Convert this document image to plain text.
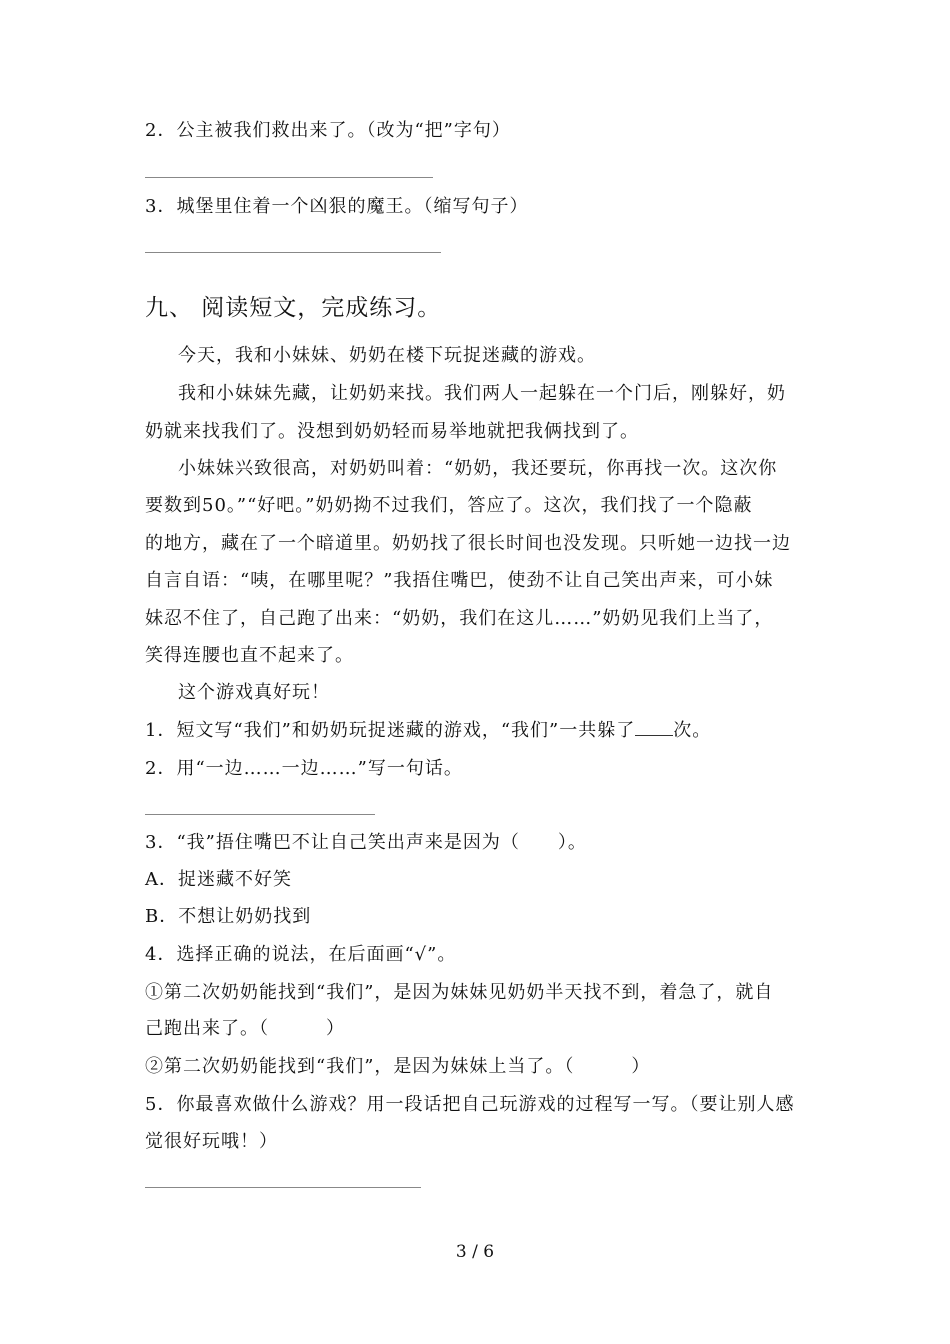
2．公主被我们救出来了。（改为“把”字句）
3．城堡里住着一个凶狠的魔王。（缩写句子）
九、 阅读短文，完成练习。
今天，我和小妹妹、奶奶在楼下玩捉迷藏的游戏。
我和小妹妹先藏，让奶奶来找。我们两人一起躲在一个门后，刚躲好，奶
奶就来找我们了。没想到奶奶轻而易举地就把我俩找到了。
小妹妹兴致很高，对奶奶叫着：“奶奶，我还要玩，你再找一次。这次你
要数到50。”“好吧。”奶奶拗不过我们，答应了。这次，我们找了一个隐蔽
的地方，藏在了一个暗道里。奶奶找了很长时间也没发现。只听她一边找一边
自言自语：“咦，在哪里呢？”我捂住嘴巴，使劲不让自己笑出声来，可小妹
妹忍不住了，自己跑了出来：“奶奶，我们在这儿……”奶奶见我们上当了，
笑得连腰也直不起来了。
这个游戏真好玩！
1．短文写“我们”和奶奶玩捉迷藏的游戏，“我们”一共躲了 次。
2．用“一边……一边……”写一句话。
3．“我”捂住嘴巴不让自己笑出声来是因为（　　）。
A．捉迷藏不好笑
B．不想让奶奶找到
4．选择正确的说法，在后面画“√”。
①第二次奶奶能找到“我们”，是因为妹妹见奶奶半天找不到，着急了，就自
己跑出来了。（　　　）
②第二次奶奶能找到“我们”，是因为妹妹上当了。（　　　）
5．你最喜欢做什么游戏？用一段话把自己玩游戏的过程写一写。（要让别人感
觉很好玩哦！）
3 / 6
